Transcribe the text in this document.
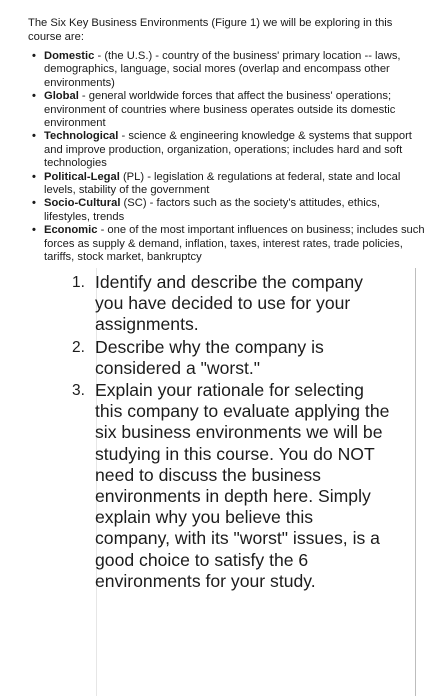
The Six Key Business Environments (Figure 1) we will be exploring in this course are:
• Domestic - (the U.S.) - country of the business' primary location -- laws, demographics, language, social mores (overlap and encompass other environments)
• Global - general worldwide forces that affect the business' operations; environment of countries where business operates outside its domestic environment
• Technological - science & engineering knowledge & systems that support and improve production, organization, operations; includes hard and soft technologies
• Political-Legal (PL) - legislation & regulations at federal, state and local levels, stability of the government
• Socio-Cultural (SC) - factors such as the society's attitudes, ethics, lifestyles, trends
• Economic - one of the most important influences on business; includes such forces as supply & demand, inflation, taxes, interest rates, trade policies, tariffs, stock market, bankruptcy
1. Identify and describe the company you have decided to use for your assignments.
2. Describe why the company is considered a "worst."
3. Explain your rationale for selecting this company to evaluate applying the six business environments we will be studying in this course. You do NOT need to discuss the business environments in depth here. Simply explain why you believe this company, with its "worst" issues, is a good choice to satisfy the 6 environments for your study.
